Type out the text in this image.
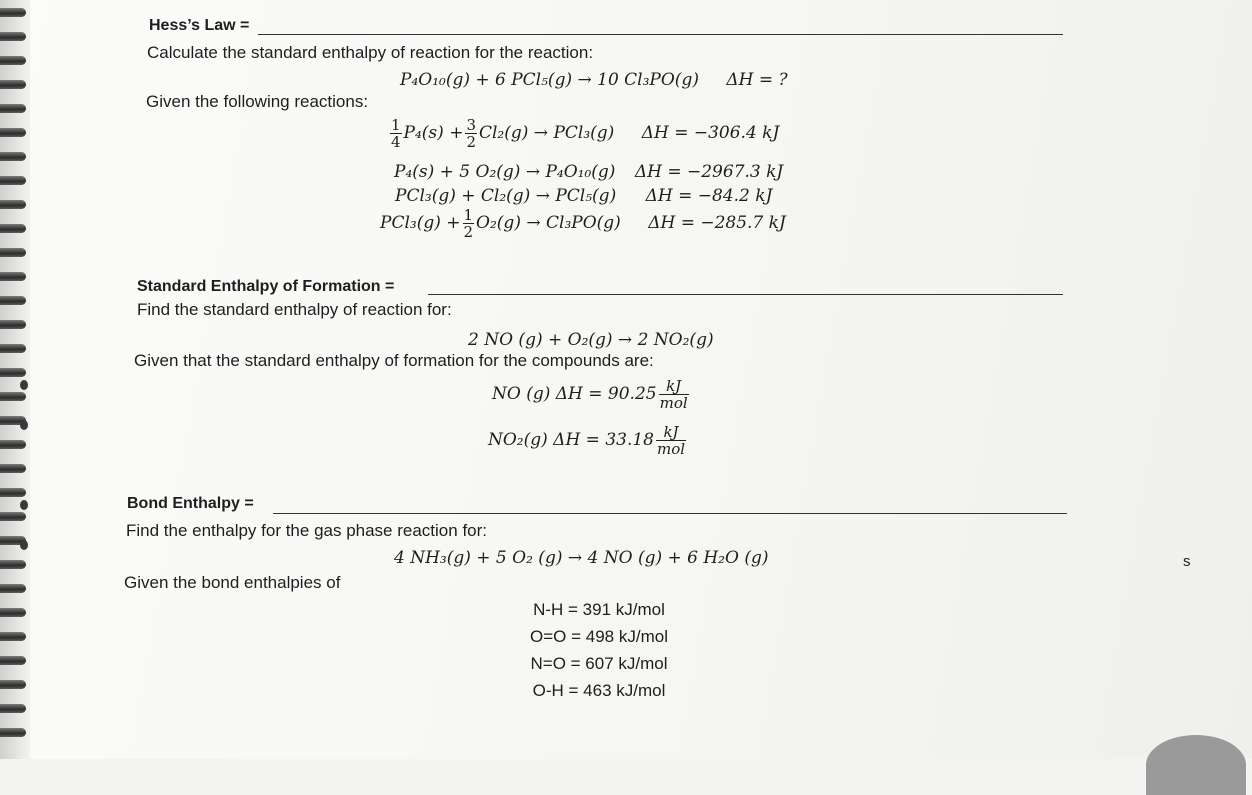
Hess’s Law =
Calculate the standard enthalpy of reaction for the reaction:
P₄O₁₀(g) + 6 PCl₅(g) → 10 Cl₃PO(g) ΔH = ?
Given the following reactions:
$\frac{1}{4} P_4(s) + \frac{3}{2} Cl_2(g) \to PCl_3(g) \Delta H = -306.4$ kJ
P₄(s) + 5 O₂(g) → P₄O₁₀(g) ΔH = −2967.3 kJ
PCl₃(g) + Cl₂(g) → PCl₅(g) ΔH = −84.2 kJ
$PCl_3(g) + \frac{1}{2} O_2(g) \to Cl_3PO(g) \Delta H = -285.7$ kJ
Standard Enthalpy of Formation =
Find the standard enthalpy of reaction for:
2 NO (g) + O₂(g) → 2 NO₂(g)
Given that the standard enthalpy of formation for the compounds are:
NO (g) $\Delta H = 90.25 \frac{kJ}{\text{mol}}$
NO₂(g) $\Delta H = 33.18 \frac{kJ}{\text{mol}}$
Bond Enthalpy =
Find the enthalpy for the gas phase reaction for:
4 NH₃(g) + 5 O₂ (g) → 4 NO (g) + 6 H₂O (g)
Given the bond enthalpies of
N-H = 391 kJ/mol
O=O = 498 kJ/mol
N=O = 607 kJ/mol
O-H = 463 kJ/mol
s
